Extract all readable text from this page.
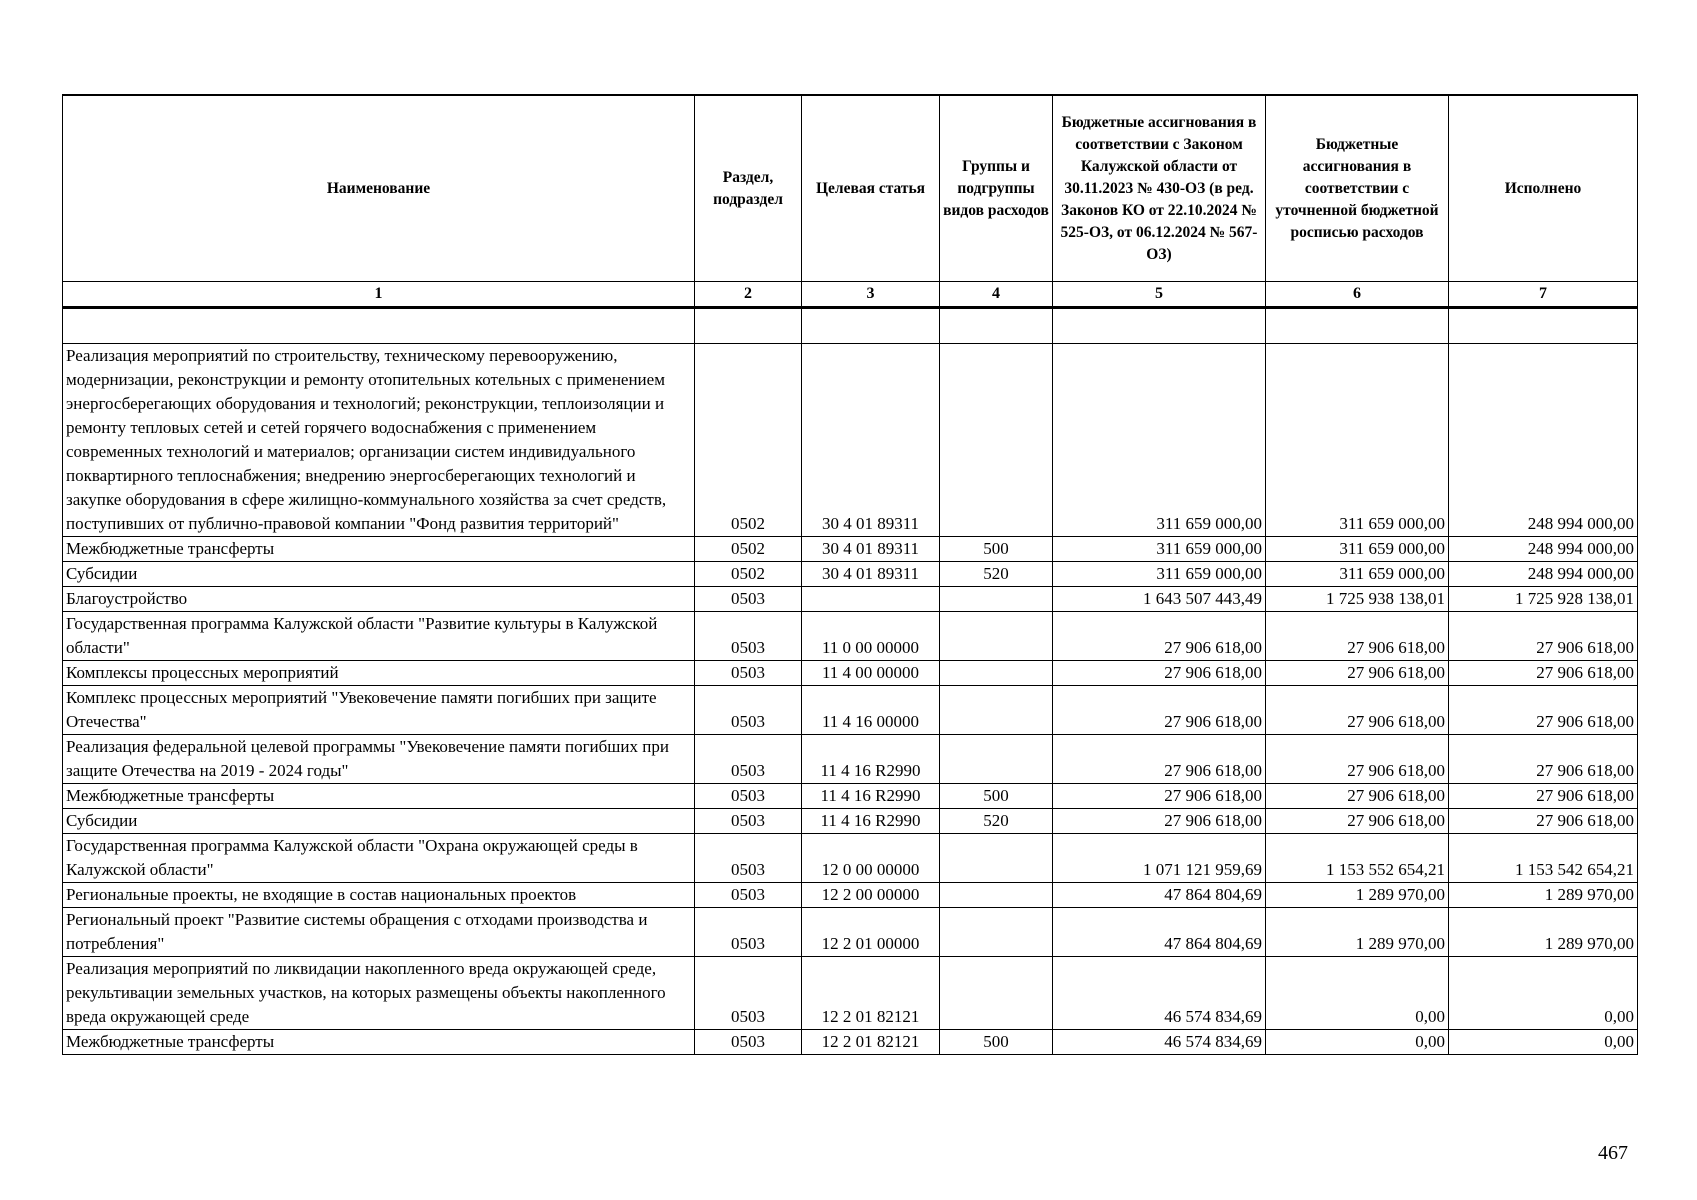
Наименование	Раздел, подраздел	Целевая статья	Группы и подгруппы видов расходов	Бюджетные ассигнования в соответствии с Законом Калужской области от 30.11.2023 № 430-ОЗ (в ред. Законов КО от 22.10.2024 № 525-ОЗ, от 06.12.2024 № 567-ОЗ)	Бюджетные ассигнования в соответствии с уточненной бюджетной росписью расходов	Исполнено
1	2	3	4	5	6	7

Реализация мероприятий по строительству, техническому перевооружению, модернизации, реконструкции и ремонту отопительных котельных с применением энергосберегающих оборудования и технологий; реконструкции, теплоизоляции и ремонту тепловых сетей и сетей горячего водоснабжения с применением современных технологий и материалов; организации систем индивидуального поквартирного теплоснабжения; внедрению энергосберегающих технологий и закупке оборудования в сфере жилищно-коммунального хозяйства за счет средств, поступивших от публично-правовой компании "Фонд развития территорий"	0502	30 4 01 89311		311 659 000,00	311 659 000,00	248 994 000,00
Межбюджетные трансферты	0502	30 4 01 89311	500	311 659 000,00	311 659 000,00	248 994 000,00
Субсидии	0502	30 4 01 89311	520	311 659 000,00	311 659 000,00	248 994 000,00
Благоустройство	0503			1 643 507 443,49	1 725 938 138,01	1 725 928 138,01
Государственная программа Калужской области "Развитие культуры в Калужской области"	0503	11 0 00 00000		27 906 618,00	27 906 618,00	27 906 618,00
Комплексы процессных мероприятий	0503	11 4 00 00000		27 906 618,00	27 906 618,00	27 906 618,00
Комплекс процессных мероприятий "Увековечение памяти погибших при защите Отечества"	0503	11 4 16 00000		27 906 618,00	27 906 618,00	27 906 618,00
Реализация федеральной целевой программы "Увековечение памяти погибших при защите Отечества на 2019 - 2024 годы"	0503	11 4 16 R2990		27 906 618,00	27 906 618,00	27 906 618,00
Межбюджетные трансферты	0503	11 4 16 R2990	500	27 906 618,00	27 906 618,00	27 906 618,00
Субсидии	0503	11 4 16 R2990	520	27 906 618,00	27 906 618,00	27 906 618,00
Государственная программа Калужской области "Охрана окружающей среды в Калужской области"	0503	12 0 00 00000		1 071 121 959,69	1 153 552 654,21	1 153 542 654,21
Региональные проекты, не входящие в состав национальных проектов	0503	12 2 00 00000		47 864 804,69	1 289 970,00	1 289 970,00
Региональный проект "Развитие системы обращения с отходами производства и потребления"	0503	12 2 01 00000		47 864 804,69	1 289 970,00	1 289 970,00
Реализация мероприятий по ликвидации накопленного вреда окружающей среде, рекультивации земельных участков, на которых размещены объекты накопленного вреда окружающей среде	0503	12 2 01 82121		46 574 834,69	0,00	0,00
Межбюджетные трансферты	0503	12 2 01 82121	500	46 574 834,69	0,00	0,00
467
